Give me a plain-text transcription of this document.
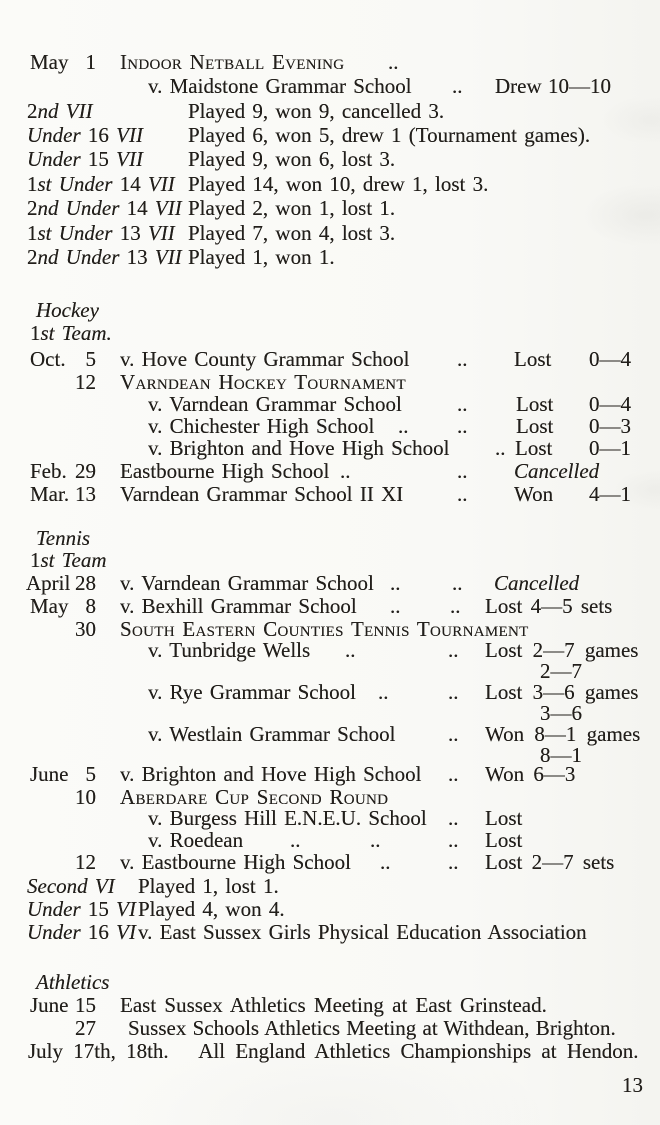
May 1 Indoor Netball Evening ..
v. Maidstone Grammar School .. Drew 10—10
2nd VII	Played 9, won 9, cancelled 3.
Under 16 VII Played 6, won 5, drew 1 (Tournament games).
Under 15 VII Played 9, won 6, lost 3.
1st Under 14 VII Played 14, won 10, drew 1, lost 3.
2nd Under 14 VII Played 2, won 1, lost 1.
1st Under 13 VII Played 7, won 4, lost 3.
2nd Under 13 VII Played 1, won 1.
Hockey
1st Team.
Oct. 5 v. Hove County Grammar School .. Lost 0—4
12 Varndean Hockey Tournament
v. Varndean Grammar School	.. Lost 0—4
v. Chichester High School .. .. Lost 0—3
v. Brighton and Hove High School .. Lost 0—1
Feb. 29 Eastbourne High School ..	.. Cancelled
Mar. 13 Varndean Grammar School II XI	.. Won 4—1
Tennis
1st Team
April 28 v. Varndean Grammar School .. .. Cancelled
May 8 v. Bexhill Grammar School .. .. Lost 4—5 sets
30 South Eastern Counties Tennis Tournament
v. Tunbridge Wells ..	.. Lost 2—7 games
2—7
v. Rye Grammar School ..	.. Lost 3—6 games
3—6
v. Westlain Grammar School .. Won 8—1 games
8—1
June 5 v. Brighton and Hove High School .. Won 6—3
10 Aberdare Cup Second Round
v. Burgess Hill E.N.E.U. School .. Lost
v. Roedean ..	..	.. Lost
12 v. Eastbourne High School ..	.. Lost 2—7 sets
Second VI Played 1, lost 1.
Under 15 VI Played 4, won 4.
Under 16 VI v. East Sussex Girls Physical Education Association
Athletics
June 15 East Sussex Athletics Meeting at East Grinstead.
27 Sussex Schools Athletics Meeting at Withdean, Brighton.
July 17th, 18th.   All England Athletics Championships at Hendon.
13
